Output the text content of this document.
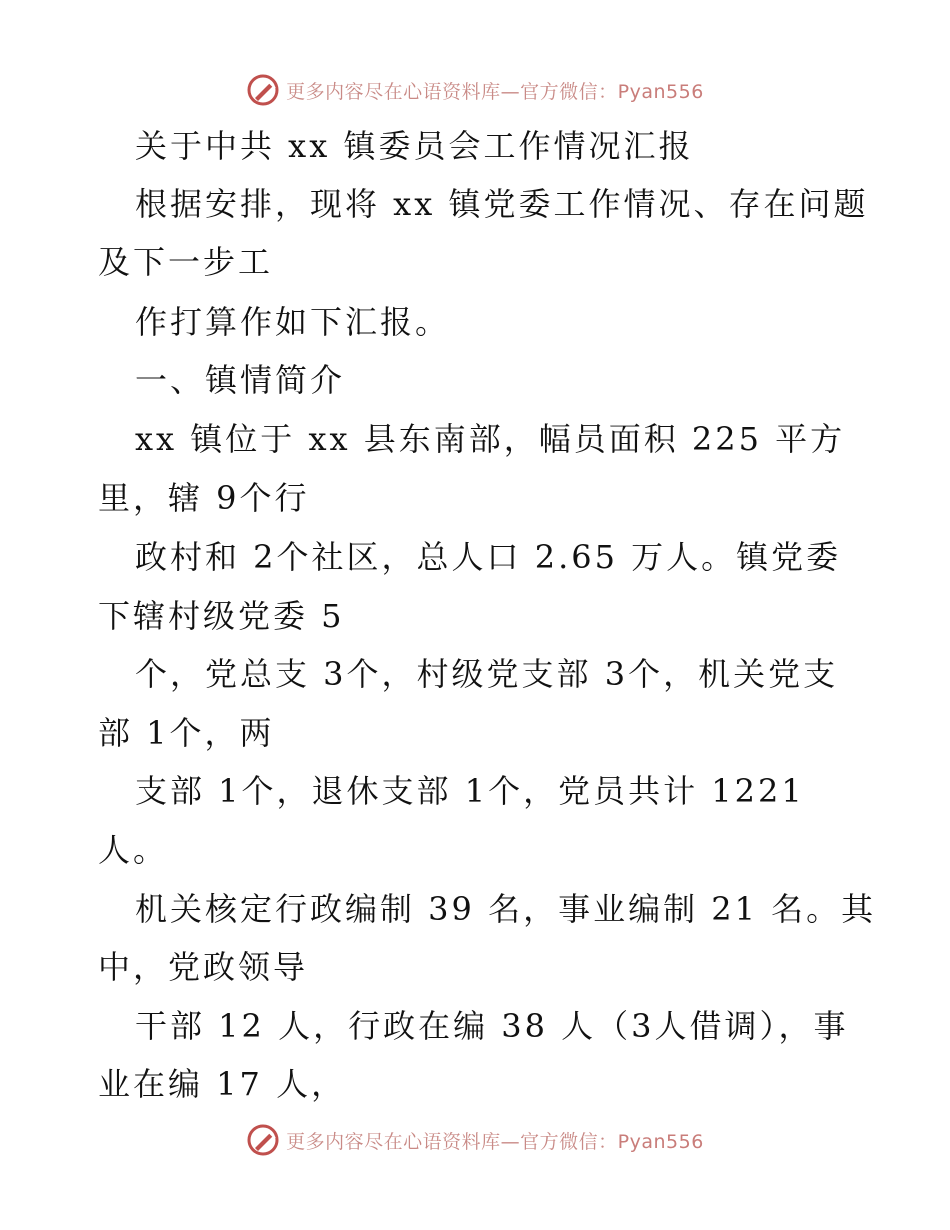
更多内容尽在心语资料库—官方微信：Pyan556
关于中共 xx 镇委员会工作情况汇报
根据安排，现将 xx 镇党委工作情况、存在问题
及下一步工
作打算作如下汇报。
一、镇情简介
xx 镇位于 xx 县东南部，幅员面积 225 平方
里，辖 9个行
政村和 2个社区，总人口 2.65 万人。镇党委
下辖村级党委 5
个，党总支 3个，村级党支部 3个，机关党支
部 1个，两
支部 1个，退休支部 1个，党员共计 1221
人。
机关核定行政编制 39 名，事业编制 21 名。其
中，党政领导
干部 12 人，行政在编 38 人（3人借调），事
业在编 17 人，
更多内容尽在心语资料库—官方微信：Pyan556
